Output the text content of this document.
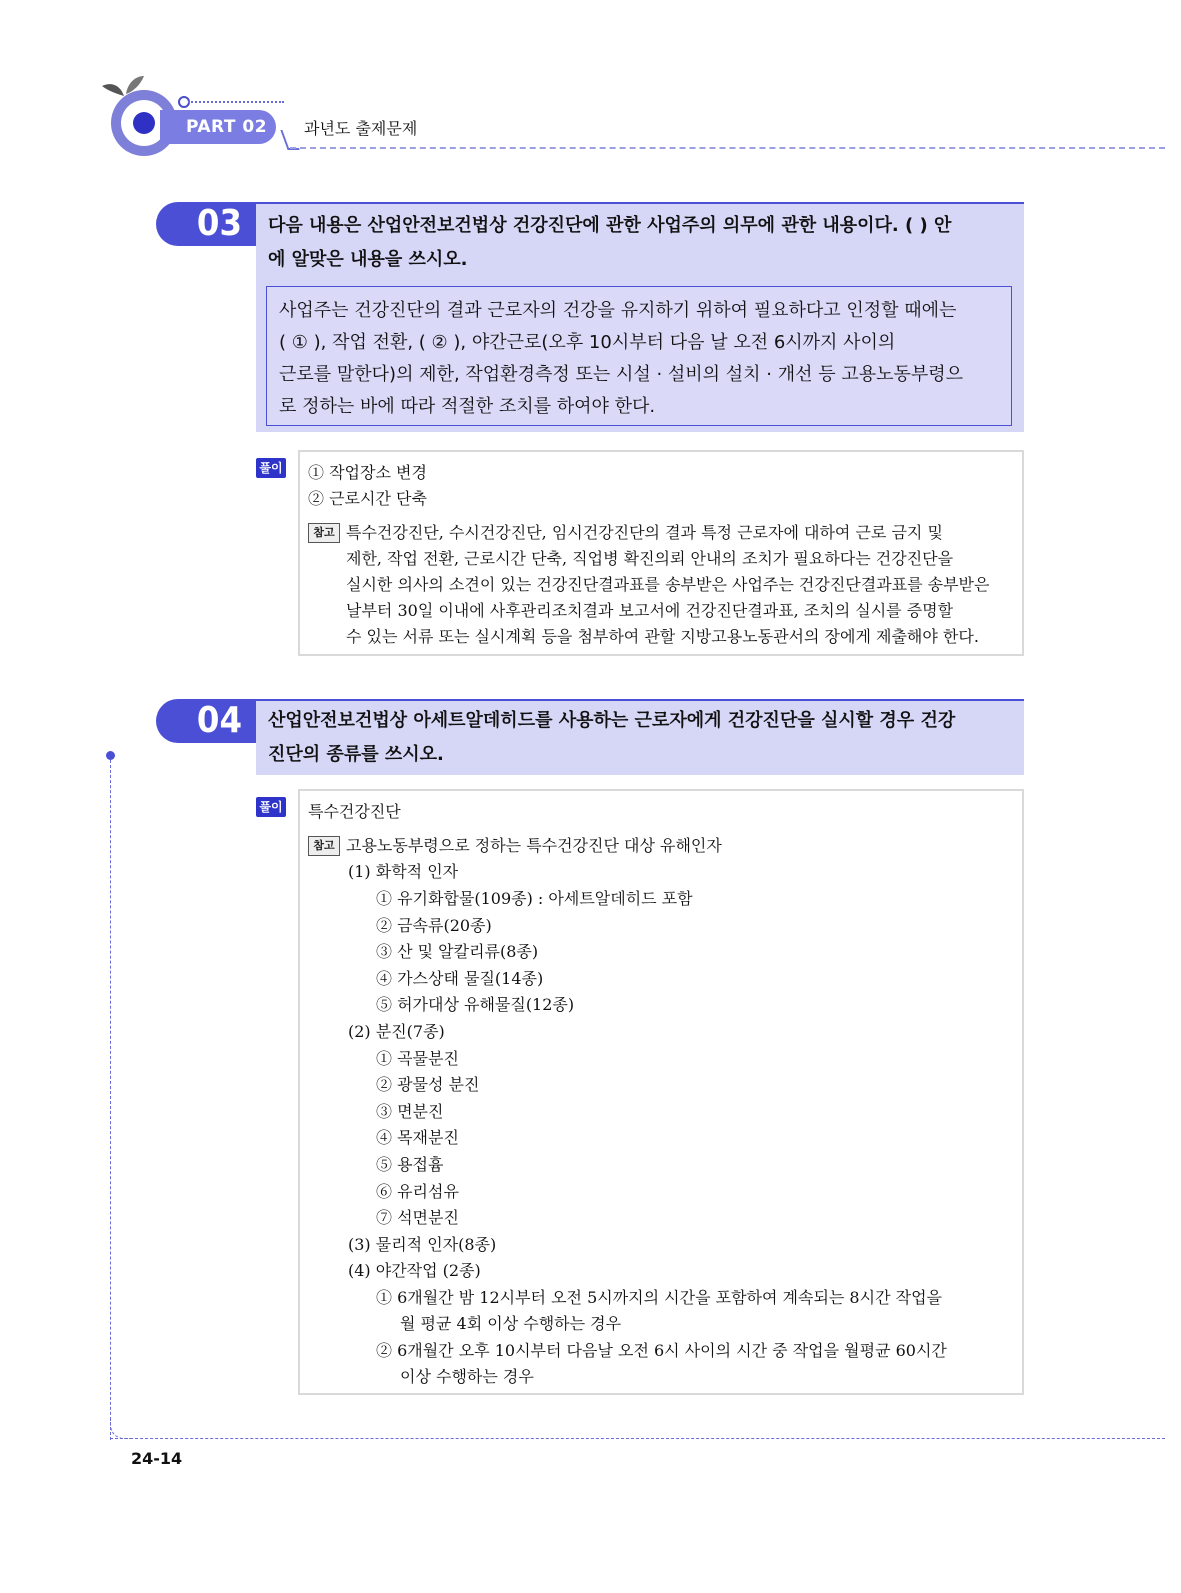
PART 02	과년도 출제문제
03	다음 내용은 산업안전보건법상 건강진단에 관한 사업주의 의무에 관한 내용이다. ( ) 안
에 알맞은 내용을 쓰시오.
사업주는 건강진단의 결과 근로자의 건강을 유지하기 위하여 필요하다고 인정할 때에는
( ① ), 작업 전환, ( ② ), 야간근로(오후 10시부터 다음 날 오전 6시까지 사이의
근로를 말한다)의 제한, 작업환경측정 또는 시설 · 설비의 설치 · 개선 등 고용노동부령으
로 정하는 바에 따라 적절한 조치를 하여야 한다.
풀이 ① 작업장소 변경
② 근로시간 단축
참고 특수건강진단, 수시건강진단, 임시건강진단의 결과 특정 근로자에 대하여 근로 금지 및
제한, 작업 전환, 근로시간 단축, 직업병 확진의뢰 안내의 조치가 필요하다는 건강진단을
실시한 의사의 소견이 있는 건강진단결과표를 송부받은 사업주는 건강진단결과표를 송부받은
날부터 30일 이내에 사후관리조치결과 보고서에 건강진단결과표, 조치의 실시를 증명할
수 있는 서류 또는 실시계획 등을 첨부하여 관할 지방고용노동관서의 장에게 제출해야 한다.
04	산업안전보건법상 아세트알데히드를 사용하는 근로자에게 건강진단을 실시할 경우 건강
진단의 종류를 쓰시오.
풀이 특수건강진단
참고 고용노동부령으로 정하는 특수건강진단 대상 유해인자
(1) 화학적 인자
① 유기화합물(109종) : 아세트알데히드 포함
② 금속류(20종)
③ 산 및 알칼리류(8종)
④ 가스상태 물질(14종)
⑤ 허가대상 유해물질(12종)
(2) 분진(7종)
① 곡물분진
② 광물성 분진
③ 면분진
④ 목재분진
⑤ 용접흄
⑥ 유리섬유
⑦ 석면분진
(3) 물리적 인자(8종)
(4) 야간작업 (2종)
① 6개월간 밤 12시부터 오전 5시까지의 시간을 포함하여 계속되는 8시간 작업을
월 평균 4회 이상 수행하는 경우
② 6개월간 오후 10시부터 다음날 오전 6시 사이의 시간 중 작업을 월평균 60시간
이상 수행하는 경우
24-14
